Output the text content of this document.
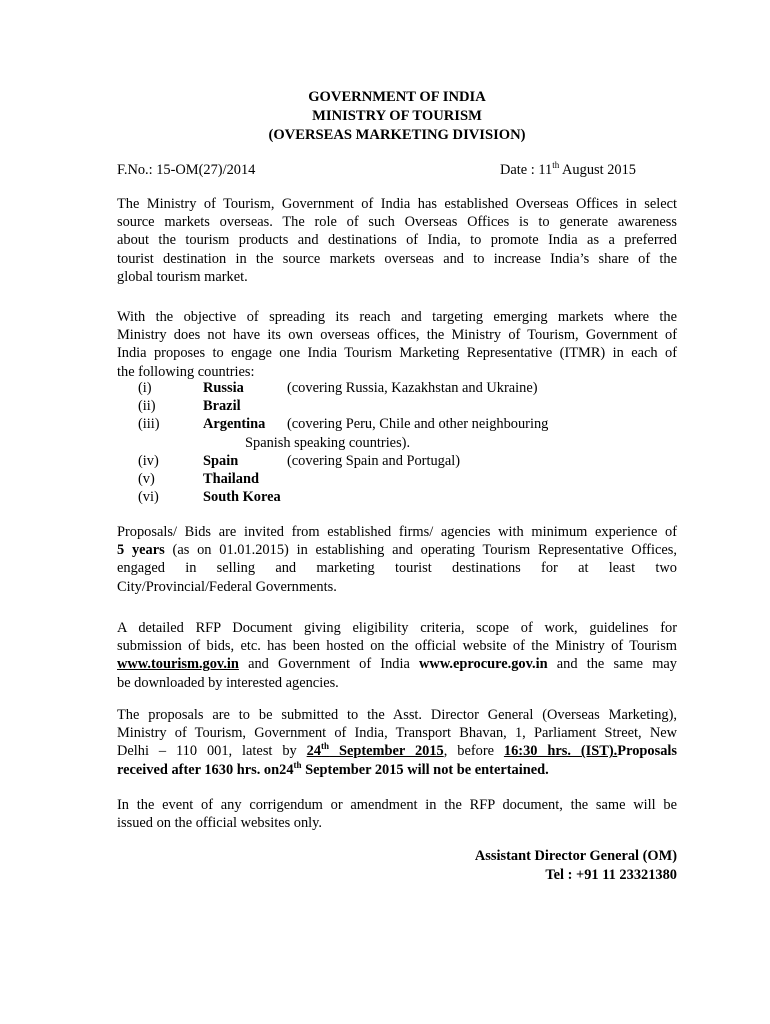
GOVERNMENT OF INDIA
MINISTRY OF TOURISM
(OVERSEAS MARKETING DIVISION)
F.No.: 15-OM(27)/2014	Date : 11th August 2015
The Ministry of Tourism, Government of India has established Overseas Offices in select
source markets overseas. The role of such Overseas Offices is to generate awareness
about the tourism products and destinations of India, to promote India as a preferred
tourist destination in the source markets overseas and to increase India’s share of the
global tourism market.
With the objective of spreading its reach and targeting emerging markets where the
Ministry does not have its own overseas offices, the Ministry of Tourism, Government of
India proposes to engage one India Tourism Marketing Representative (ITMR) in each of
the following countries:
(i)	Russia	(covering Russia, Kazakhstan and Ukraine)
(ii)	Brazil
(iii)	Argentina (covering Peru, Chile and other neighbouring
Spanish speaking countries).
(iv)	Spain	(covering Spain and Portugal)
(v)	Thailand
(vi)	South Korea
Proposals/ Bids are invited from established firms/ agencies with minimum experience of
5 years (as on 01.01.2015) in establishing and operating Tourism Representative Offices,
engaged in selling and marketing tourist destinations for at least two
City/Provincial/Federal Governments.
A detailed RFP Document giving eligibility criteria, scope of work, guidelines for
submission of bids, etc. has been hosted on the official website of the Ministry of Tourism
www.tourism.gov.in and Government of India www.eprocure.gov.in and the same may
be downloaded by interested agencies.
The proposals are to be submitted to the Asst. Director General (Overseas Marketing),
Ministry of Tourism, Government of India, Transport Bhavan, 1, Parliament Street, New
Delhi – 110 001, latest by 24th September 2015, before 16:30 hrs. (IST).Proposals
received after 1630 hrs. on24th September 2015 will not be entertained.
In the event of any corrigendum or amendment in the RFP document, the same will be
issued on the official websites only.
Assistant Director General (OM)
Tel : +91 11 23321380
